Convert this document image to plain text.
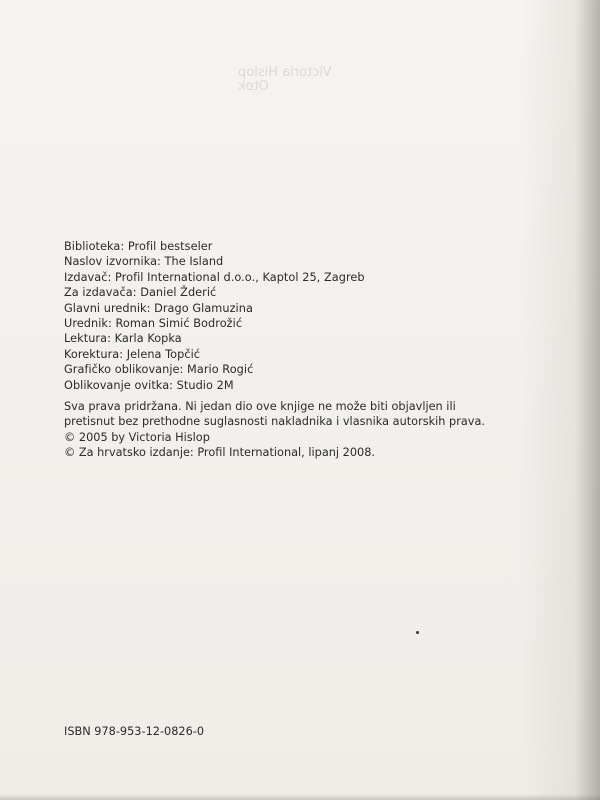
Victoria Hislop
Otok
Biblioteka: Profil bestseler
Naslov izvornika: The Island
Izdavač: Profil International d.o.o., Kaptol 25, Zagreb
Za izdavača: Daniel Žderić
Glavni urednik: Drago Glamuzina
Urednik: Roman Simić Bodrožić
Lektura: Karla Kopka
Korektura: Jelena Topčić
Grafičko oblikovanje: Mario Rogić
Oblikovanje ovitka: Studio 2M
Sva prava pridržana. Ni jedan dio ove knjige ne može biti objavljen ili
pretisnut bez prethodne suglasnosti nakladnika i vlasnika autorskih prava.
© 2005 by Victoria Hislop
© Za hrvatsko izdanje: Profil International, lipanj 2008.
ISBN 978-953-12-0826-0
